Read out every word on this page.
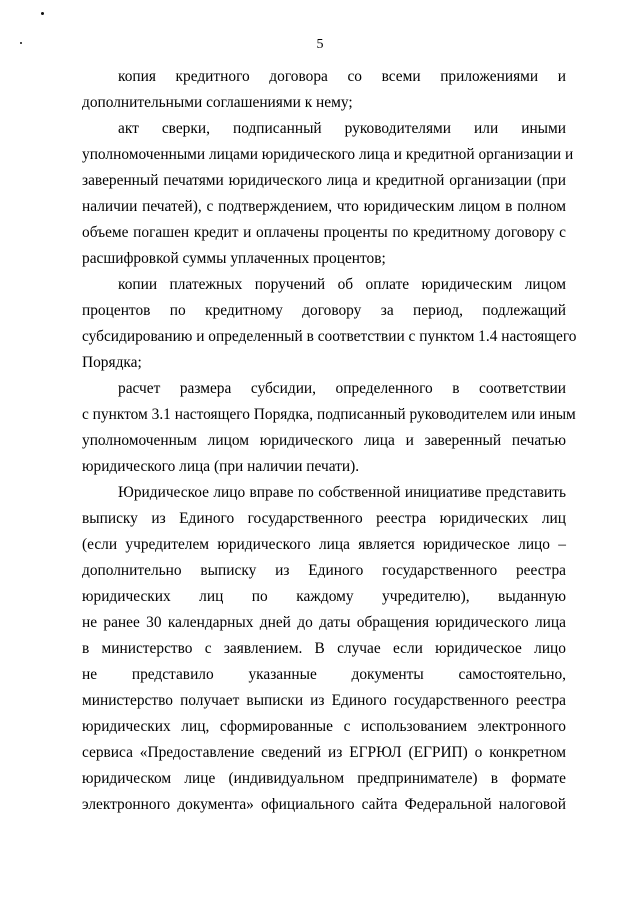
5
копия кредитного договора со всеми приложениями и
дополнительными соглашениями к нему;
акт сверки, подписанный руководителями или иными
уполномоченными лицами юридического лица и кредитной организации и
заверенный печатями юридического лица и кредитной организации (при
наличии печатей), с подтверждением, что юридическим лицом в полном
объеме погашен кредит и оплачены проценты по кредитному договору с
расшифровкой суммы уплаченных процентов;
копии платежных поручений об оплате юридическим лицом
процентов по кредитному договору за период, подлежащий
субсидированию и определенный в соответствии с пунктом 1.4 настоящего
Порядка;
расчет размера субсидии, определенного в соответствии
с пунктом 3.1 настоящего Порядка, подписанный руководителем или иным
уполномоченным лицом юридического лица и заверенный печатью
юридического лица (при наличии печати).
Юридическое лицо вправе по собственной инициативе представить
выписку из Единого государственного реестра юридических лиц
(если учредителем юридического лица является юридическое лицо –
дополнительно выписку из Единого государственного реестра
юридических лиц по каждому учредителю), выданную
не ранее 30 календарных дней до даты обращения юридического лица
в министерство с заявлением. В случае если юридическое лицо
не представило указанные документы самостоятельно,
министерство получает выписки из Единого государственного реестра
юридических лиц, сформированные с использованием электронного
сервиса «Предоставление сведений из ЕГРЮЛ (ЕГРИП) о конкретном
юридическом лице (индивидуальном предпринимателе) в формате
электронного документа» официального сайта Федеральной налоговой
